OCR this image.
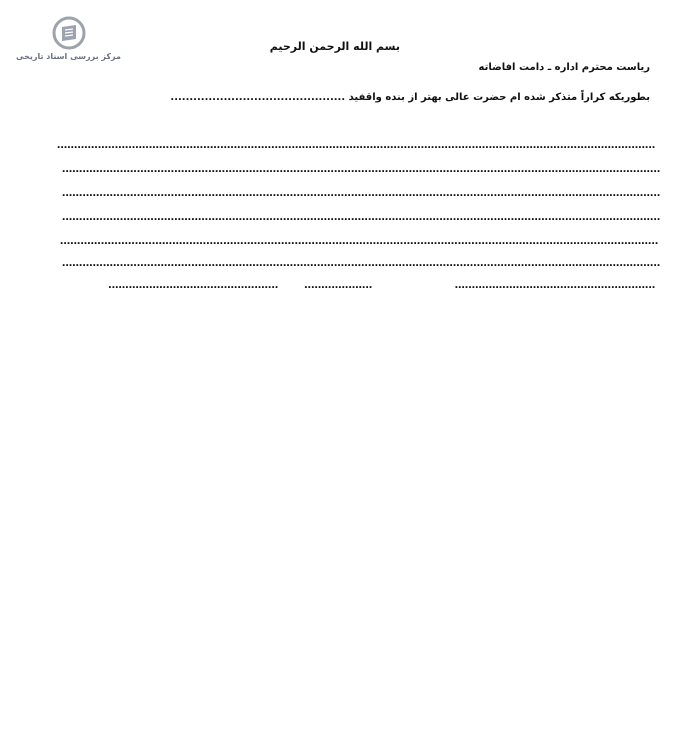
مرکز بررسی اسناد تاریخی
بسم الله الرحمن الرحیم
ریاست محترم اداره ـ دامت افاضاته
بطوریکه کراراً متذکر شده ام حضرت عالی بهتر از بنده واقفید ..............................................
................................................................................................................................................................................
................................................................................................................................................................................
................................................................................................................................................................................
................................................................................................................................................................................
................................................................................................................................................................................
................................................................................................................................................................................
...........................................................
....................
..................................................
